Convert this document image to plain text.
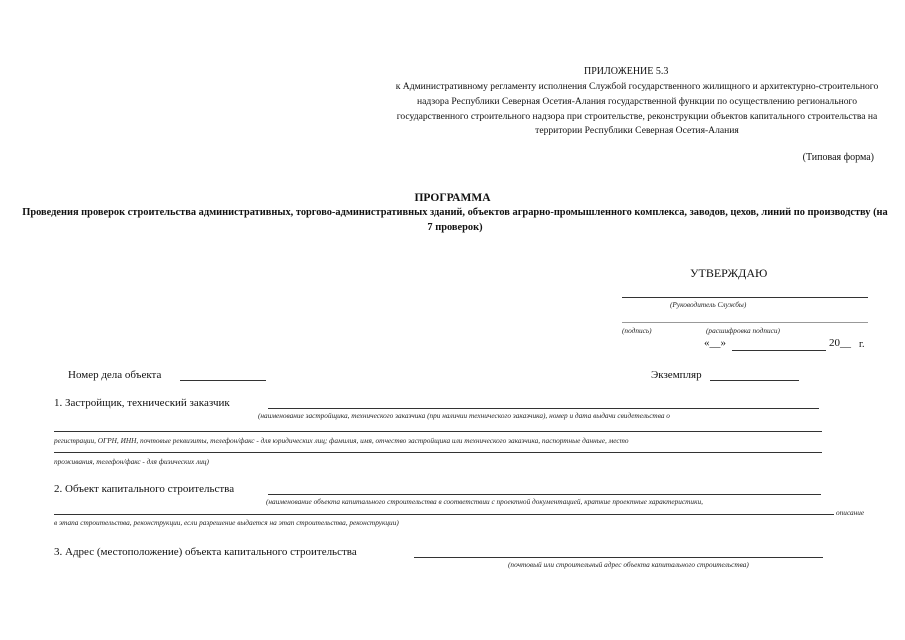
ПРИЛОЖЕНИЕ 5.3
к Административному регламенту исполнения Службой государственного жилищного и архитектурно-строительного надзора Республики Северная Осетия-Алания государственной функции по осуществлению регионального государственного строительного надзора при строительстве, реконструкции объектов капитального строительства на территории Республики Северная Осетия-Алания
(Типовая форма)
ПРОГРАММА
Проведения проверок строительства административных, торгово-административных зданий, объектов аграрно-промышленного комплекса, заводов, цехов, линий по производству (на 7 проверок)
УТВЕРЖДАЮ
(Руководитель Службы)
(подпись)	(расшифровка подписи)
«__»	20__ г.
Номер дела объекта	Экземпляр
1. Застройщик, технический заказчик
(наименование застройщика, технического заказчика (при наличии технического заказчика), номер и дата выдачи свидетельства о
регистрации, ОГРН, ИНН, почтовые реквизиты, телефон/факс - для юридических лиц; фамилия, имя, отчество застройщика или технического заказчика, паспортные данные, место
проживания, телефон/факс - для физических лиц)
2. Объект капитального строительства
(наименование объекта капитального строительства в соответствии с проектной документацией, краткие проектные характеристики,
описание
в этапа строительства, реконструкции, если разрешение выдается на этап строительства, реконструкции)
3. Адрес (местоположение) объекта капитального строительства
(почтовый или строительный адрес объекта капитального строительства)
